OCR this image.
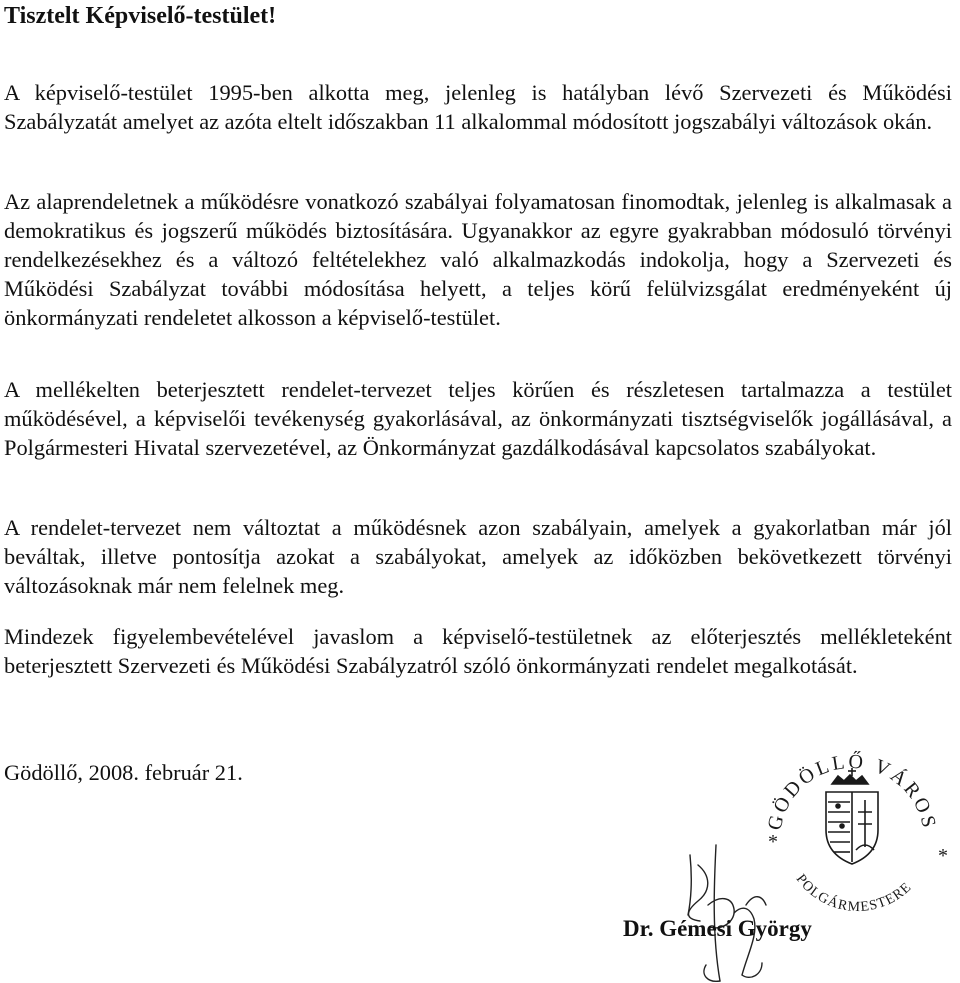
Tisztelt Képviselő-testület!

A képviselő-testület 1995-ben alkotta meg, jelenleg is hatályban lévő Szervezeti és Működési Szabályzatát amelyet az azóta eltelt időszakban 11 alkalommal módosított jogszabályi változások okán.

Az alaprendeletnek a működésre vonatkozó szabályai folyamatosan finomodtak, jelenleg is alkalmasak a demokratikus és jogszerű működés biztosítására. Ugyanakkor az egyre gyakrabban módosuló törvényi rendelkezésekhez és a változó feltételekhez való alkalmazkodás indokolja, hogy a Szervezeti és Működési Szabályzat további módosítása helyett, a teljes körű felülvizsgálat eredményeként új önkormányzati rendeletet alkosson a képviselő-testület.

A mellékelten beterjesztett rendelet-tervezet teljes körűen és részletesen tartalmazza a testület működésével, a képviselői tevékenység gyakorlásával, az önkormányzati tisztségviselők jogállásával, a Polgármesteri Hivatal szervezetével, az Önkormányzat gazdálkodásával kapcsolatos szabályokat.

A rendelet-tervezet nem változtat a működésnek azon szabályain, amelyek a gyakorlatban már jól beváltak, illetve pontosítja azokat a szabályokat, amelyek az időközben bekövetkezett törvényi változásoknak már nem felelnek meg.

Mindezek figyelembevételével javaslom a képviselő-testületnek az előterjesztés mellékleteként beterjesztett Szervezeti és Működési Szabályzatról szóló önkormányzati rendelet megalkotását.

Gödöllő, 2008. február 21.

GÖDÖLLŐ VÁROS
POLGÁRMESTERE
*
*

Dr. Gémesi György
